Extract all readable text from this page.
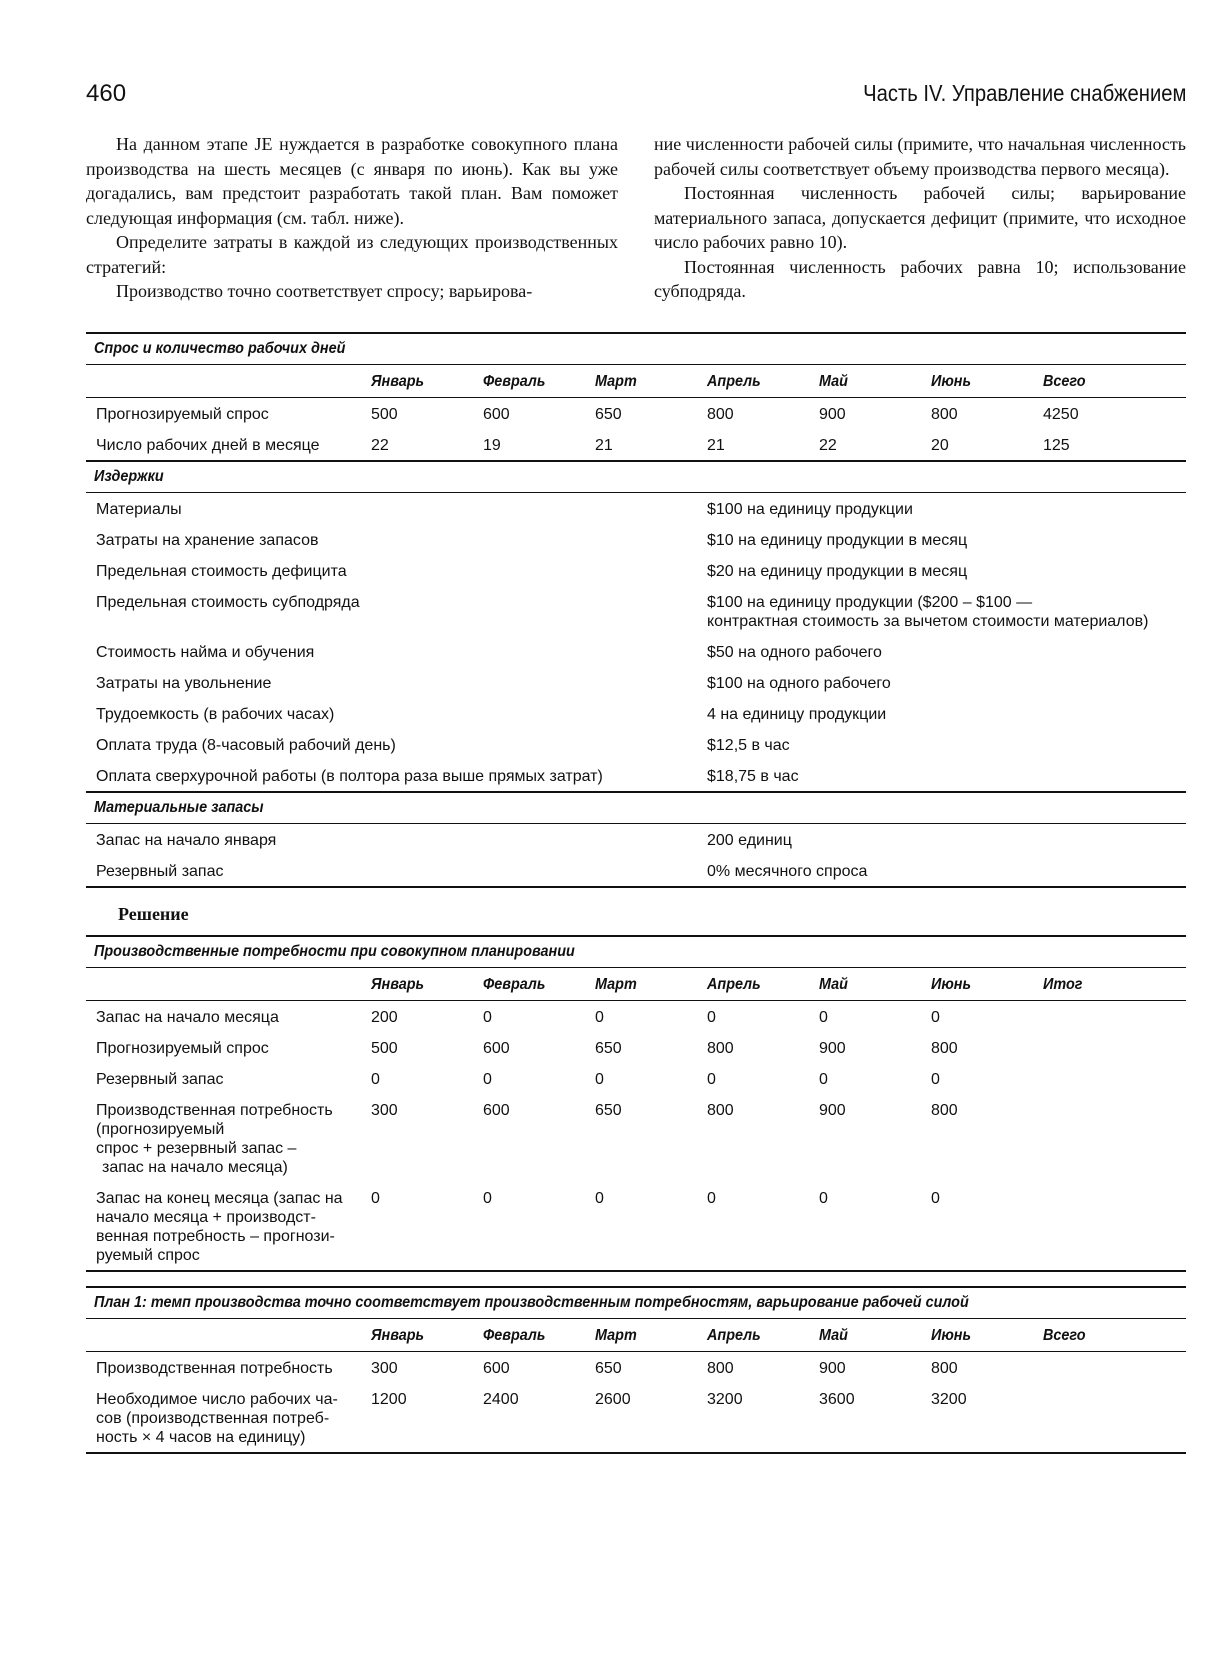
460	Часть IV. Управление снабжением

На данном этапе JE нуждается в разработке совокупного плана производства на шесть месяцев (с января по июнь). Как вы уже догадались, вам предстоит разработать такой план. Вам поможет следующая информация (см. табл. ниже).

Определите затраты в каждой из следующих производственных стратегий:

Производство точно соответствует спросу; варьирова-

ние численности рабочей силы (примите, что начальная численность рабочей силы соответствует объему производства первого месяца).

Постоянная численность рабочей силы; варьирование материального запаса, допускается дефицит (примите, что исходное число рабочих равно 10).

Постоянная численность рабочих равна 10; использование субподряда.

Спрос и количество рабочих дней								
	Январь	Февраль	Март	Апрель	Май	Июнь	Всего	

Прогнозируемый спрос	500	600	650	800	900	800	4250	

Число рабочих дней в месяце	22	19	21	21	22	20	125	
Издержки								
Материалы				$100 на единицу продукции				

Затраты на хранение запасов				$10 на единицу продукции в месяц				

Предельная стоимость дефицита				$20 на единицу продукции в месяц				

Предельная стоимость субподряда				$100 на единицу продукции ($200 – $100 —
контрактная стоимость за вычетом стоимости материалов)				

Стоимость найма и обучения				$50 на одного рабочего				

Затраты на увольнение				$100 на одного рабочего				

Трудоемкость (в рабочих часах)				4 на единицу продукции				

Оплата труда (8-часовый рабочий день)				$12,5 в час				

Оплата сверхурочной работы (в полтора раза выше прямых затрат)				$18,75 в час				

Материальные запасы								
Запас на начало января				200 единиц				

Резервный запас				0% месячного спроса				

Решение
Производственные потребности при совокупном планировании								
	Январь	Февраль	Март	Апрель	Май	Июнь	Итог	

Запас на начало месяца	200	0	0	0	0	0		

Прогнозируемый спрос	500	600	650	800	900	800		

Резервный запас	0	0	0	0	0	0		

Производственная потребность
(прогнозируемый
спрос + резервный запас –
запас на начало месяца)	300	600	650	800	900	800		

Запас на конец месяца (запас на
начало месяца + производст-
венная потребность – прогнози-
руемый спрос	0	0	0	0	0	0		

План 1: темп производства точно соответствует производственным потребностям, варьирование рабочей силой								
	Январь	Февраль	Март	Апрель	Май	Июнь	Всего	

Производственная потребность	300	600	650	800	900	800		

Необходимое число рабочих ча-
сов (производственная потреб-
ность × 4 часов на единицу)	1200	2400	2600	3200	3600	3200		
